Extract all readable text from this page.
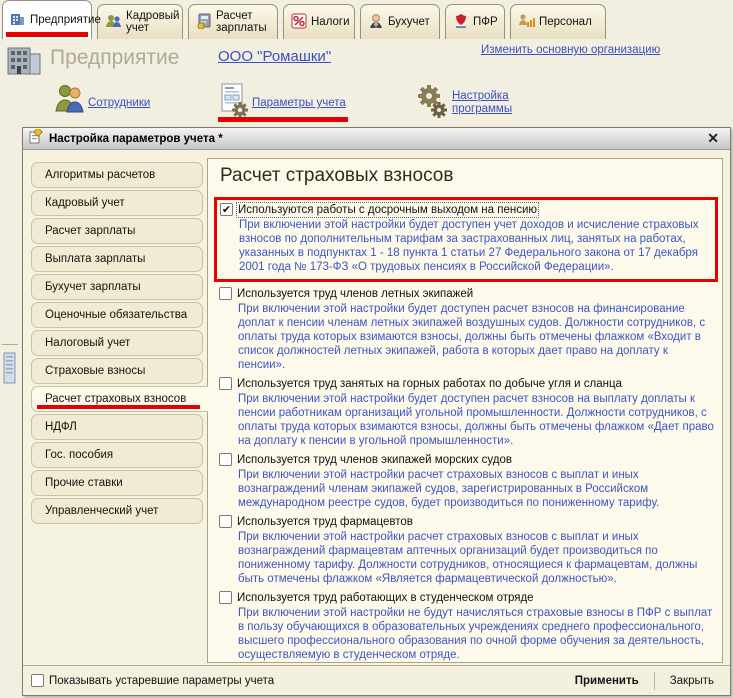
Предприятие Кадровый учет
Расчет зарплаты	Налоги	Бухучет	ПФР	Персонал
Предприятие	ООО "Ромашки"	Изменить основную организацию
Сотрудники	Параметры учета
Настройка программы
Настройка параметров учета *	✕
Алгоритмы расчетов
Кадровый учет
Расчет зарплаты
Выплата зарплаты
Бухучет зарплаты
Оценочные обязательства
Налоговый учет
Страховые взносы
Расчет страховых взносов
НДФЛ
Гос. пособия
Прочие ставки
Управленческий учет
Расчет страховых взносов
✔ Используются работы с досрочным выходом на пенсию
При включении этой настройки будет доступен учет доходов и исчисление страховых взносов по дополнительным тарифам за застрахованных лиц, занятых на работах, указанных в подпунктах 1 - 18 пункта 1 статьи 27 Федерального закона от 17 декабря 2001 года № 173-ФЗ «О трудовых пенсиях в Российской Федерации».
Используется труд членов летных экипажей
При включении этой настройки будет доступен расчет взносов на финансирование доплат к пенсии членам летных экипажей воздушных судов. Должности сотрудников, с оплаты труда которых взимаются взносы, должны быть отмечены флажком «Входит в список должностей летных экипажей, работа в которых дает право на доплату к пенсии».
Используется труд занятых на горных работах по добыче угля и сланца
При включении этой настройки будет доступен расчет взносов на выплату доплаты к пенсии работникам организаций угольной промышленности. Должности сотрудников, с оплаты труда которых взимаются взносы, должны быть отмечены флажком «Дает право на доплату к пенсии в угольной промышленности».
Используется труд членов экипажей морских судов
При включении этой настройки расчет страховых взносов с выплат и иных вознаграждений членам экипажей судов, зарегистрированных в Российском международном реестре судов, будет производиться по пониженному тарифу.
Используется труд фармацевтов
При включении этой настройки расчет страховых взносов с выплат и иных вознаграждений фармацевтам аптечных организаций будет производиться по пониженному тарифу. Должности сотрудников, относящиеся к фармацевтам, должны быть отмечены флажком «Является фармацевтической должностью».
Используется труд работающих в студенческом отряде
При включении этой настройки не будут начисляться страховые взносы в ПФР с выплат в пользу обучающихся в образовательных учреждениях среднего профессионального, высшего профессионального образования по очной форме обучения за деятельность, осуществляемую в студенческом отряде.
Показывать устаревшие параметры учета	Применить	Закрыть
